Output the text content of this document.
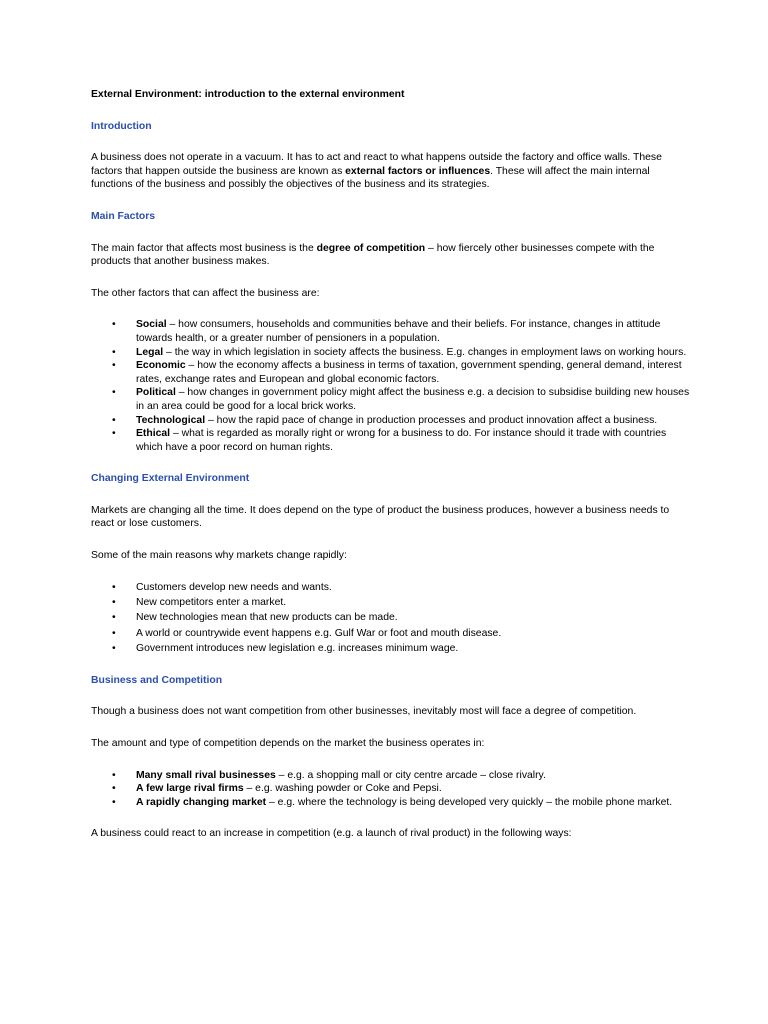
External Environment: introduction to the external environment
Introduction

A business does not operate in a vacuum. It has to act and react to what happens outside the factory and office walls. These factors that happen outside the business are known as external factors or influences. These will affect the main internal functions of the business and possibly the objectives of the business and its strategies.

Main Factors

The main factor that affects most business is the degree of competition – how fiercely other businesses compete with the products that another business makes.

The other factors that can affect the business are:

• Social – how consumers, households and communities behave and their beliefs. For instance, changes in attitude towards health, or a greater number of pensioners in a population.
• Legal – the way in which legislation in society affects the business. E.g. changes in employment laws on working hours.
• Economic – how the economy affects a business in terms of taxation, government spending, general demand, interest rates, exchange rates and European and global economic factors.
• Political – how changes in government policy might affect the business e.g. a decision to subsidise building new houses in an area could be good for a local brick works.
• Technological – how the rapid pace of change in production processes and product innovation affect a business.
• Ethical – what is regarded as morally right or wrong for a business to do. For instance should it trade with countries which have a poor record on human rights.
Changing External Environment

Markets are changing all the time. It does depend on the type of product the business produces, however a business needs to react or lose customers.

Some of the main reasons why markets change rapidly:

• Customers develop new needs and wants.
• New competitors enter a market.
• New technologies mean that new products can be made.
• A world or countrywide event happens e.g. Gulf War or foot and mouth disease.
• Government introduces new legislation e.g. increases minimum wage.
Business and Competition

Though a business does not want competition from other businesses, inevitably most will face a degree of competition.

The amount and type of competition depends on the market the business operates in:

• Many small rival businesses – e.g. a shopping mall or city centre arcade – close rivalry.
• A few large rival firms – e.g. washing powder or Coke and Pepsi.
• A rapidly changing market – e.g. where the technology is being developed very quickly – the mobile phone market.

A business could react to an increase in competition (e.g. a launch of rival product) in the following ways:
